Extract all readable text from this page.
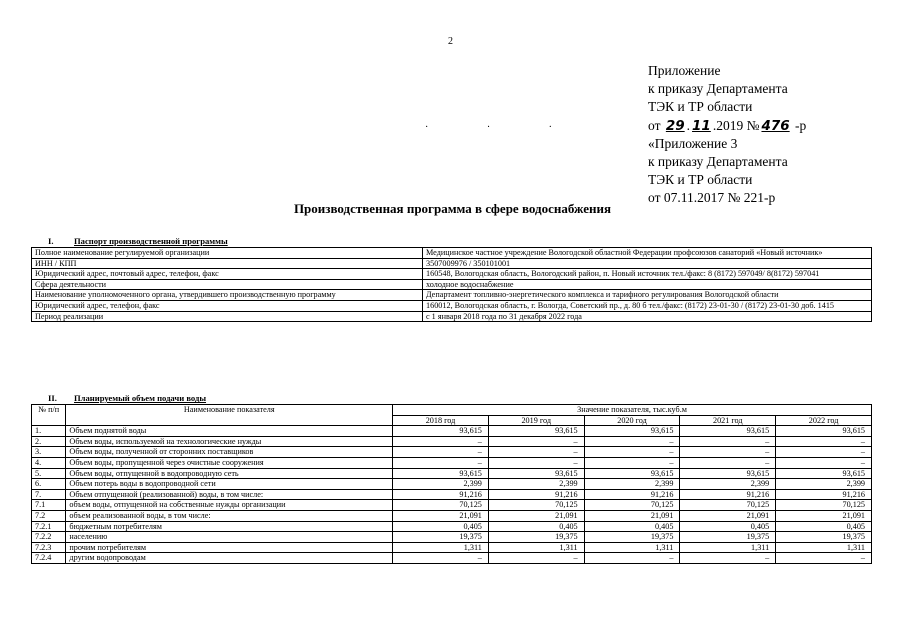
2
Приложение
к приказу Департамента
ТЭК и ТР области
от 29 . 11 .2019 № 476 -р
«Приложение 3
к приказу Департамента
ТЭК и ТР области
от 07.11.2017 № 221-р
· · ·
Производственная программа в сфере водоснабжения
I. Паспорт производственной программы
Полное наименование регулируемой организации	Медицинское частное учреждение Вологодской областной Федерации профсоюзов санаторий «Новый источник»
ИНН / КПП	3507009976 / 350101001
Юридический адрес, почтовый адрес, телефон, факс	160548, Вологодская область, Вологодский район, п. Новый источник тел./факс: 8 (8172) 597049/ 8(8172) 597041
Сфера деятельности	холодное водоснабжение
Наименование уполномоченного органа, утвердившего производственную программу	Департамент топливно-энергетического комплекса и тарифного регулирования Вологодской области
Юридический адрес, телефон, факс	160012, Вологодская область, г. Вологда, Советский пр., д. 80 б тел./факс: (8172) 23-01-30 / (8172) 23-01-30 доб. 1415
Период реализации	с 1 января 2018 года по 31 декабря 2022 года
II. Планируемый объем подачи воды
№ п/п	Наименование показателя	Значение показателя, тыс.куб.м				
		2018 год	2019 год	2020 год	2021 год	2022 год
1.	Объем поднятой воды	93,615	93,615	93,615	93,615	93,615
2.	Объем воды, используемой на технологические нужды	–	–	–	–	–
3.	Объем воды, полученной от сторонних поставщиков	–	–	–	–	–
4.	Объем воды, пропущенной через очистные сооружения	–	–	–	–	–
5.	Объем воды, отпущенной в водопроводную сеть	93,615	93,615	93,615	93,615	93,615
6.	Объем потерь воды в водопроводной сети	2,399	2,399	2,399	2,399	2,399
7.	Объем отпущенной (реализованной) воды, в том числе:	91,216	91,216	91,216	91,216	91,216
7.1	объем воды, отпущенной на собственные нужды организации	70,125	70,125	70,125	70,125	70,125
7.2	объем реализованной воды, в том числе:	21,091	21,091	21,091	21,091	21,091
7.2.1	бюджетным потребителям	0,405	0,405	0,405	0,405	0,405
7.2.2	населению	19,375	19,375	19,375	19,375	19,375
7.2.3	прочим потребителям	1,311	1,311	1,311	1,311	1,311
7.2.4	другим водопроводам	–	–	–	–	–
